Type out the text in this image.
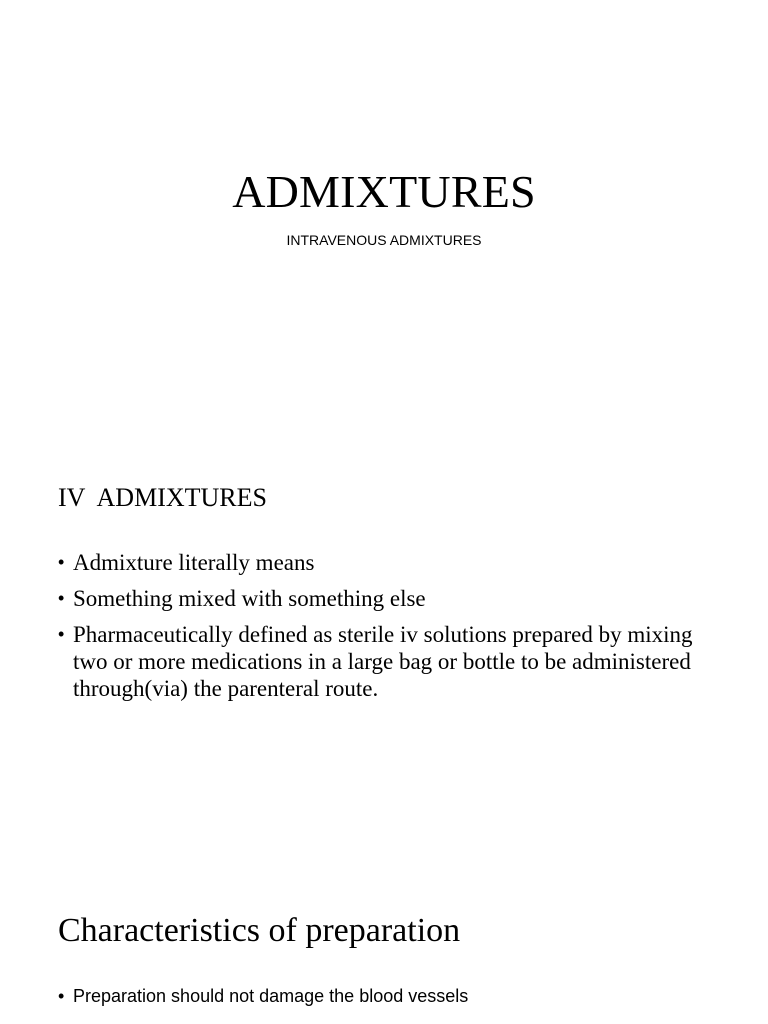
ADMIXTURES
INTRAVENOUS ADMIXTURES
IV  ADMIXTURES
• Admixture literally means
• Something mixed with something else
• Pharmaceutically defined as sterile iv solutions prepared by mixing two or more medications in a large bag or bottle to be administered through(via) the parenteral route.
Characteristics of preparation
• Preparation should not damage the blood vessels
